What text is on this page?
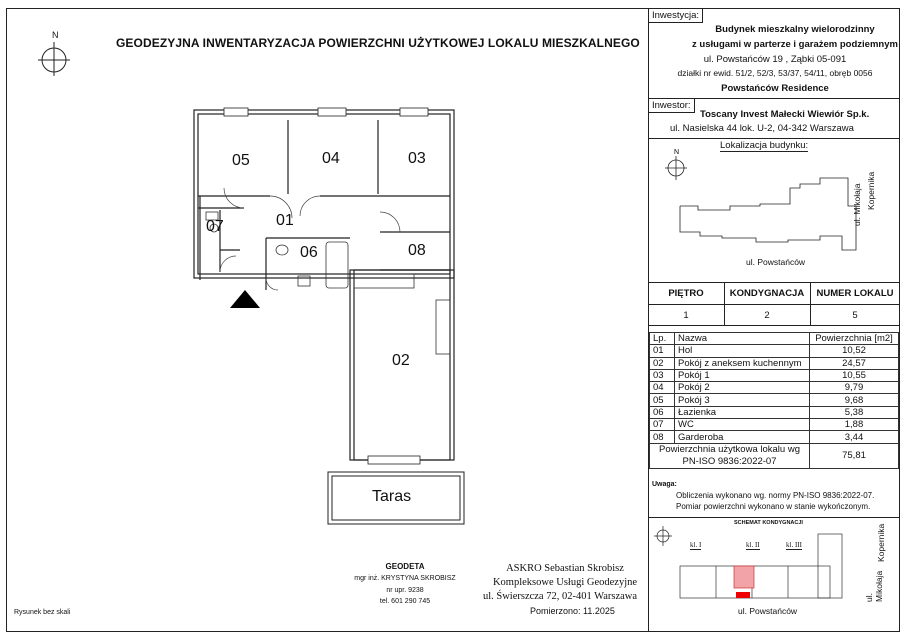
N
GEODEZYJNA INWENTARYZACJA POWIERZCHNI UŻYTKOWEJ LOKALU MIESZKALNEGO
05	04	03
01
07
06	08
02
Taras
Inwestycja:
Budynek mieszkalny wielorodzinny
z usługami w parterze i garażem podziemnym
ul. Powstańców 19 , Ząbki 05-091
działki nr ewid. 51/2, 52/3, 53/37, 54/11, obręb 0056
Powstańców Residence
Inwestor:
Toscany Invest Małecki Wiewiór Sp.k.
ul. Nasielska 44 lok. U-2, 04-342 Warszawa
Lokalizacja budynku:
N
ul. Powstańców
ul. Mikołaja Kopernika
PIĘTRO	KONDYGNACJA	NUMER LOKALU
1	2	5
Lp.	Nazwa	Powierzchnia [m2]
01	Hol	10,52
02	Pokój z aneksem kuchennym	24,57
03	Pokój 1	10,55
04	Pokój 2	9,79
05	Pokój 3	9,68
06	Łazienka	5,38
07	WC	1,88
08	Garderoba	3,44
Powierzchnia użytkowa lokalu wg
PN-ISO 9836:2022-07		75,81
Uwaga:
Obliczenia wykonano wg. normy PN-ISO 9836:2022-07.
Pomiar powierzchni wykonano w stanie wykończonym.
SCHEMAT KONDYGNACJI
kl. I	kl. II	kl. III
ul. Powstańców
ul. Mikołaja
Kopernika
GEODETA
mgr inż. KRYSTYNA SKROBISZ
nr upr. 9238
tel. 601 290 745
ASKRO Sebastian Skrobisz
Kompleksowe Usługi Geodezyjne
ul. Świerszcza 72, 02-401 Warszawa
Pomierzono: 11.2025
Rysunek bez skali
